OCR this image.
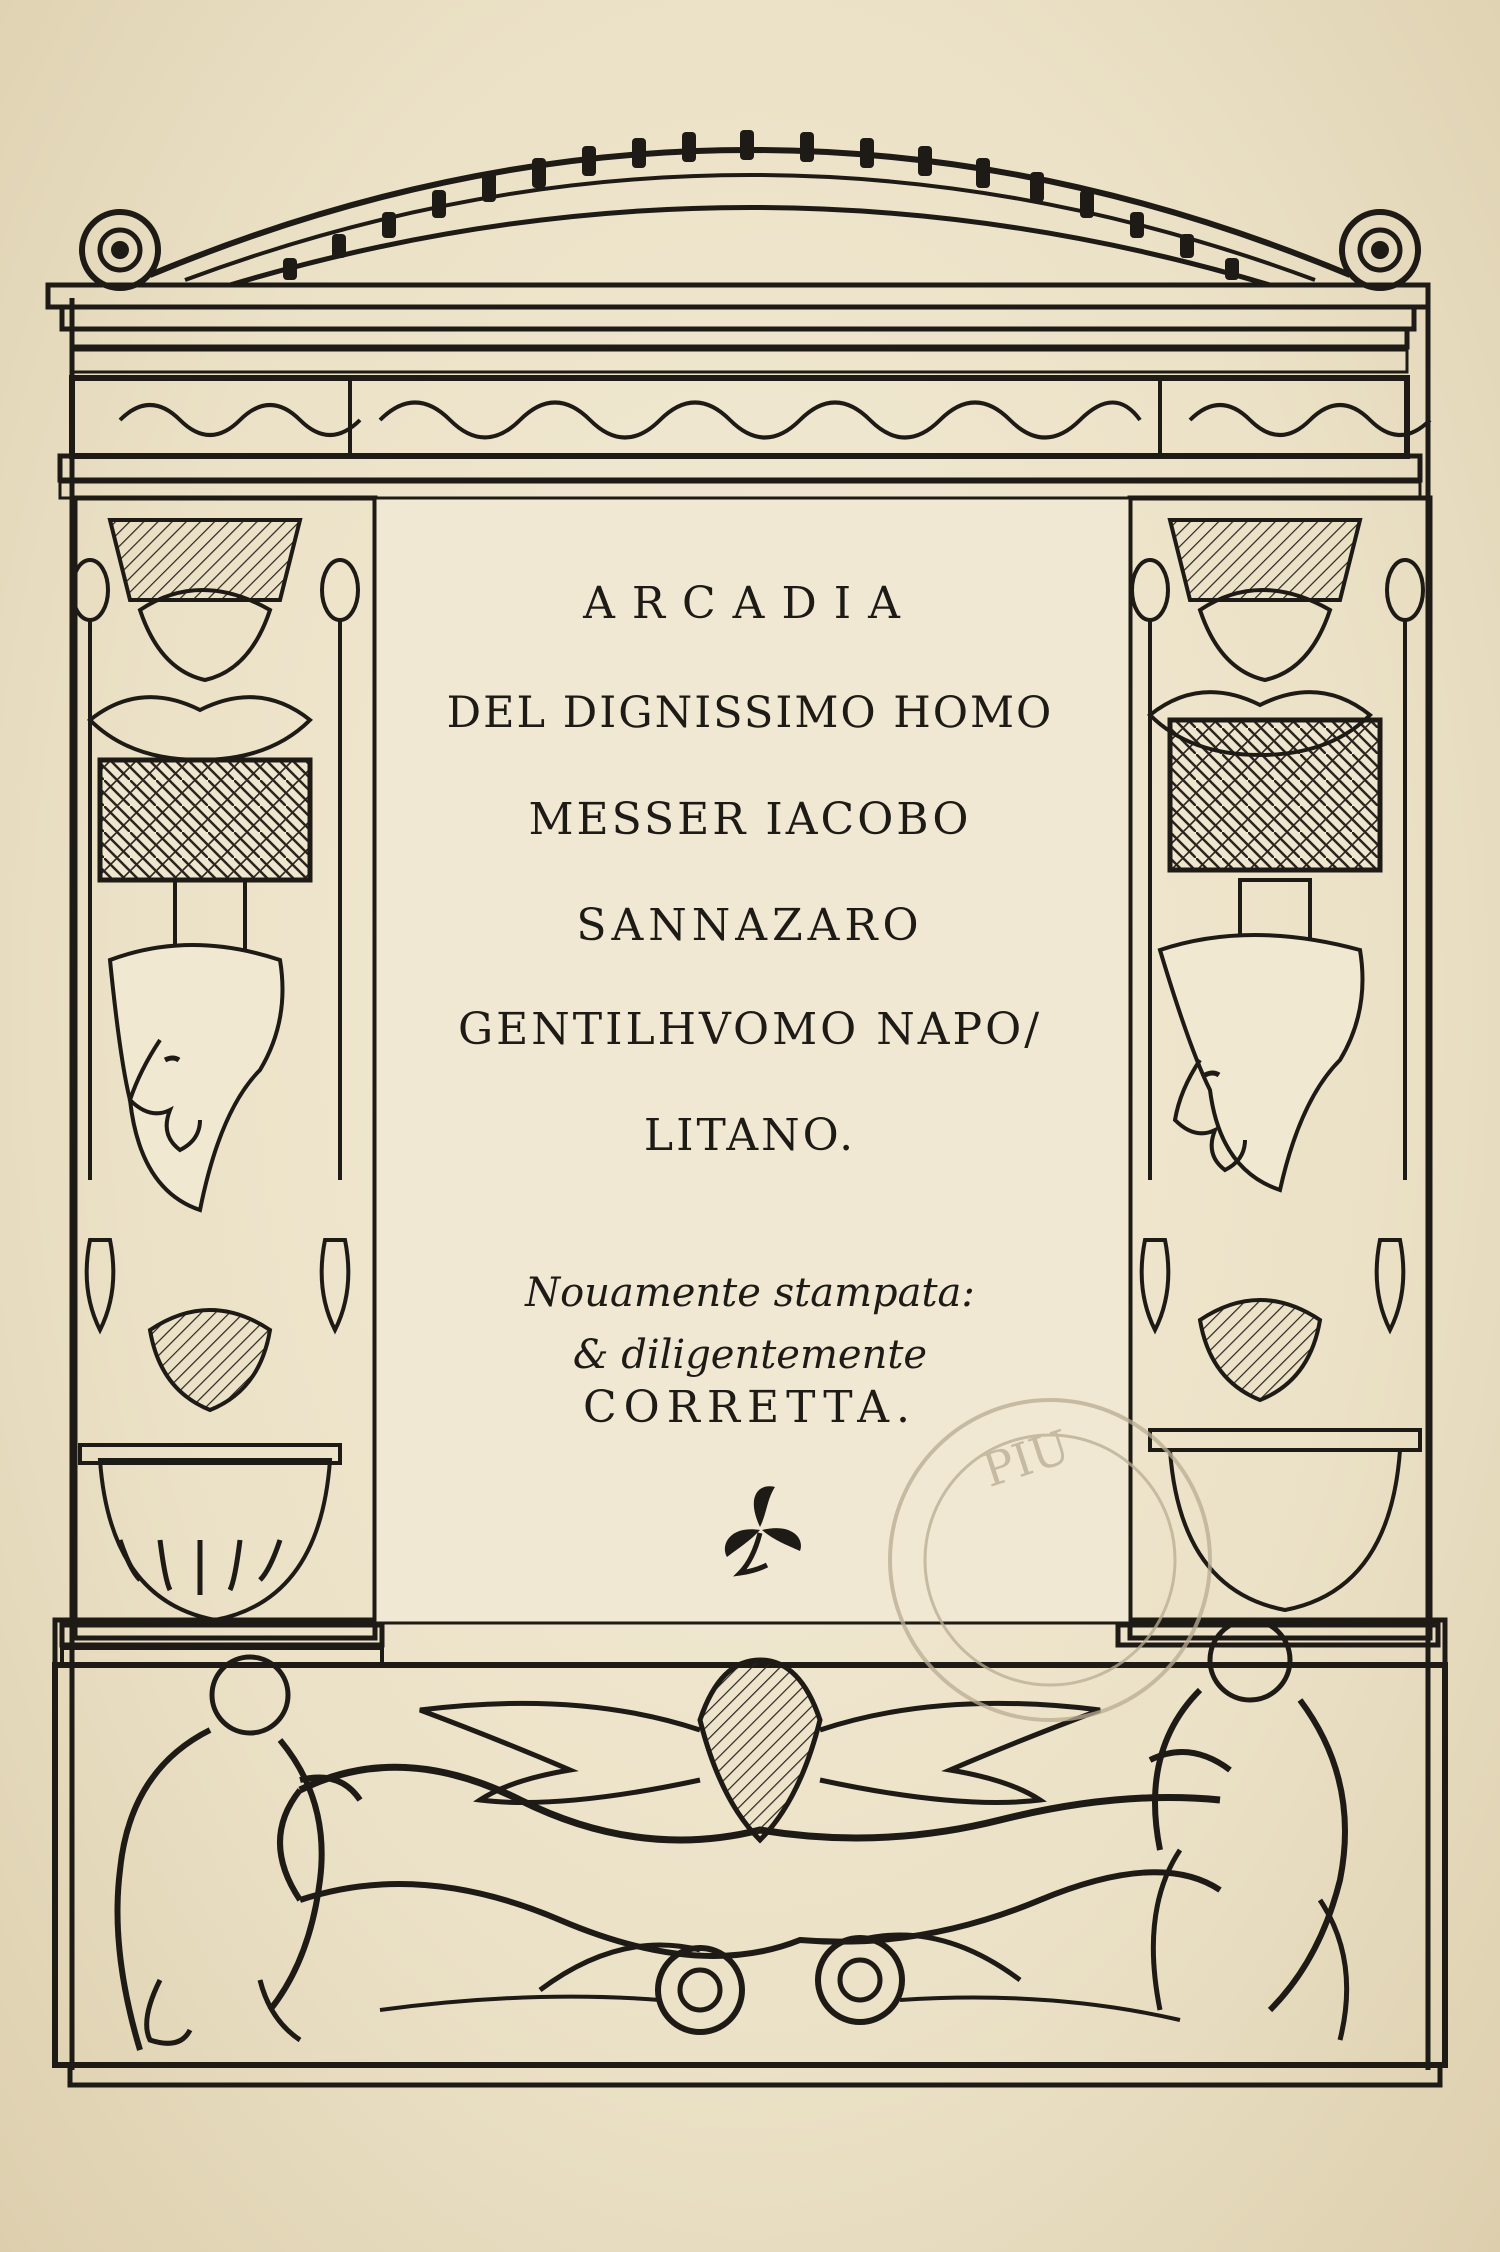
PIU

ARCADIA

DEL DIGNISSIMO HOMO

MESSER IACOBO

SANNAZARO

GENTILHVOMO NAPO/

LITANO.

Nouamente stampata:

& diligentemente

CORRETTA.
